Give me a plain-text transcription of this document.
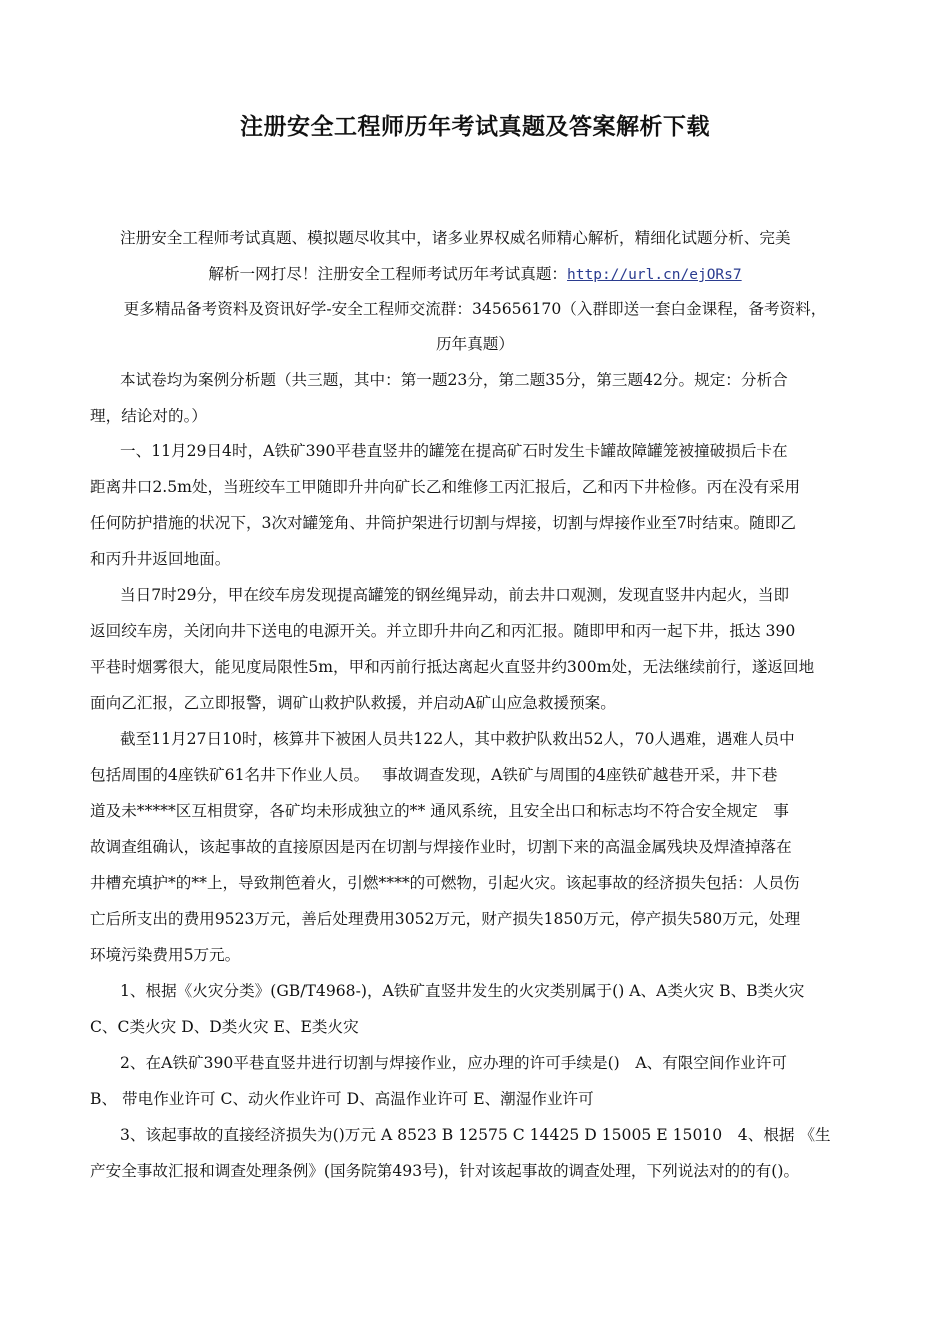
注册安全工程师历年考试真题及答案解析下载
注册安全工程师考试真题、模拟题尽收其中，诸多业界权威名师精心解析，精细化试题分析、完美
解析一网打尽！注册安全工程师考试历年考试真题：http://url.cn/ejORs7
更多精品备考资料及资讯好学-安全工程师交流群：345656170（入群即送一套白金课程，备考资料，
历年真题）
本试卷均为案例分析题（共三题，其中：第一题23分，第二题35分，第三题42分。规定：分析合
理，结论对的。）
一、11月29日4时，A铁矿390平巷直竖井的罐笼在提高矿石时发生卡罐故障罐笼被撞破损后卡在
距离井口2.5m处，当班绞车工甲随即升井向矿长乙和维修工丙汇报后，乙和丙下井检修。丙在没有采用
任何防护措施的状况下，3次对罐笼角、井筒护架进行切割与焊接，切割与焊接作业至7时结束。随即乙
和丙升井返回地面。
当日7时29分，甲在绞车房发现提高罐笼的钢丝绳异动，前去井口观测，发现直竖井内起火，当即
返回绞车房，关闭向井下送电的电源开关。并立即升井向乙和丙汇报。随即甲和丙一起下井，抵达 390
平巷时烟雾很大，能见度局限性5m，甲和丙前行抵达离起火直竖井约300m处，无法继续前行，遂返回地
面向乙汇报，乙立即报警，调矿山救护队救援，并启动A矿山应急救援预案。
截至11月27日10时，核算井下被困人员共122人，其中救护队救出52人，70人遇难，遇难人员中
包括周围的4座铁矿61名井下作业人员。　 事故调查发现，A铁矿与周围的4座铁矿越巷开采，井下巷
道及未*****区互相贯穿，各矿均未形成独立的** 通风系统，且安全出口和标志均不符合安全规定　事
故调查组确认，该起事故的直接原因是丙在切割与焊接作业时，切割下来的高温金属残块及焊渣掉落在
井槽充填护*的**上，导致荆笆着火，引燃****的可燃物，引起火灾。该起事故的经济损失包括：人员伤
亡后所支出的费用9523万元，善后处理费用3052万元，财产损失1850万元，停产损失580万元，处理
环境污染费用5万元。
1、根据《火灾分类》(GB/T4968-)，A铁矿直竖井发生的火灾类别属于() A、A类火灾 B、B类火灾
C、C类火灾 D、D类火灾 E、E类火灾
2、在A铁矿390平巷直竖井进行切割与焊接作业，应办理的许可手续是()　A、有限空间作业许可
B、 带电作业许可 C、动火作业许可 D、高温作业许可 E、潮湿作业许可
3、该起事故的直接经济损失为()万元 A 8523 B 12575 C 14425 D 15005 E 15010　4、根据 《生
产安全事故汇报和调查处理条例》(国务院第493号)，针对该起事故的调查处理，下列说法对的的有()。
